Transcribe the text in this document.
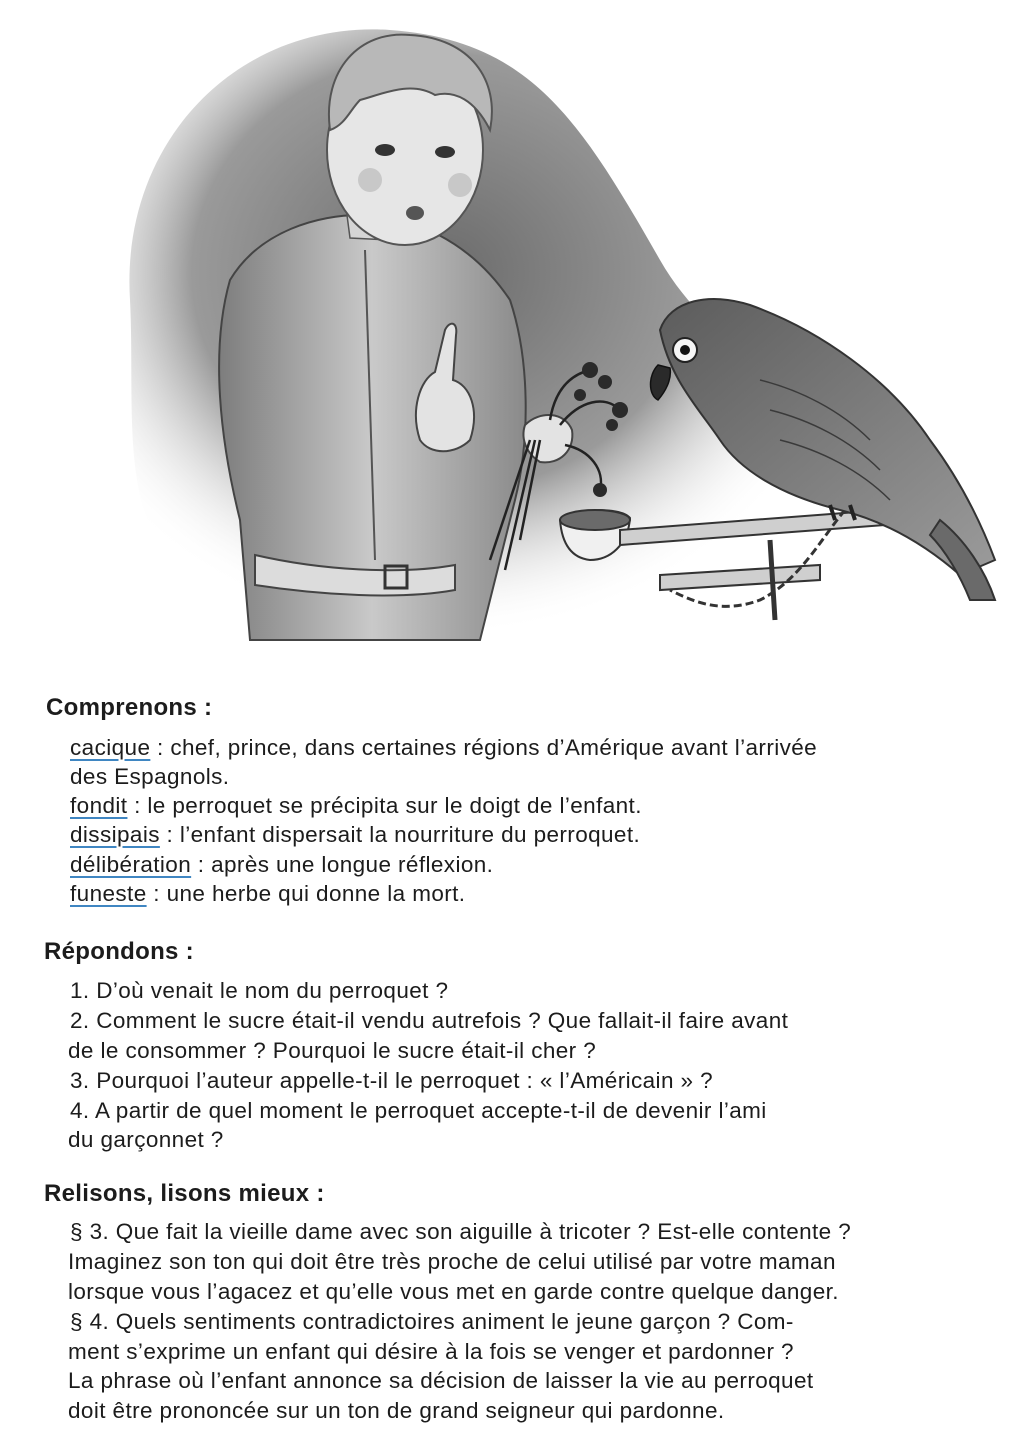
Comprenons :
cacique : chef, prince, dans certaines régions d’Amérique avant l’arrivée
des Espagnols.
fondit : le perroquet se précipita sur le doigt de l’enfant.
dissipais : l’enfant dispersait la nourriture du perroquet.
délibération : après une longue réflexion.
funeste : une herbe qui donne la mort.
Répondons :
1. D’où venait le nom du perroquet ?
2. Comment le sucre était-il vendu autrefois ? Que fallait-il faire avant
de le consommer ? Pourquoi le sucre était-il cher ?
3. Pourquoi l’auteur appelle-t-il le perroquet : « l’Américain » ?
4. A partir de quel moment le perroquet accepte-t-il de devenir l’ami
du garçonnet ?
Relisons, lisons mieux :
§ 3. Que fait la vieille dame avec son aiguille à tricoter ? Est-elle contente ?
Imaginez son ton qui doit être très proche de celui utilisé par votre maman
lorsque vous l’agacez et qu’elle vous met en garde contre quelque danger.
§ 4. Quels sentiments contradictoires animent le jeune garçon ? Com-
ment s’exprime un enfant qui désire à la fois se venger et pardonner ?
La phrase où l’enfant annonce sa décision de laisser la vie au perroquet
doit être prononcée sur un ton de grand seigneur qui pardonne.
